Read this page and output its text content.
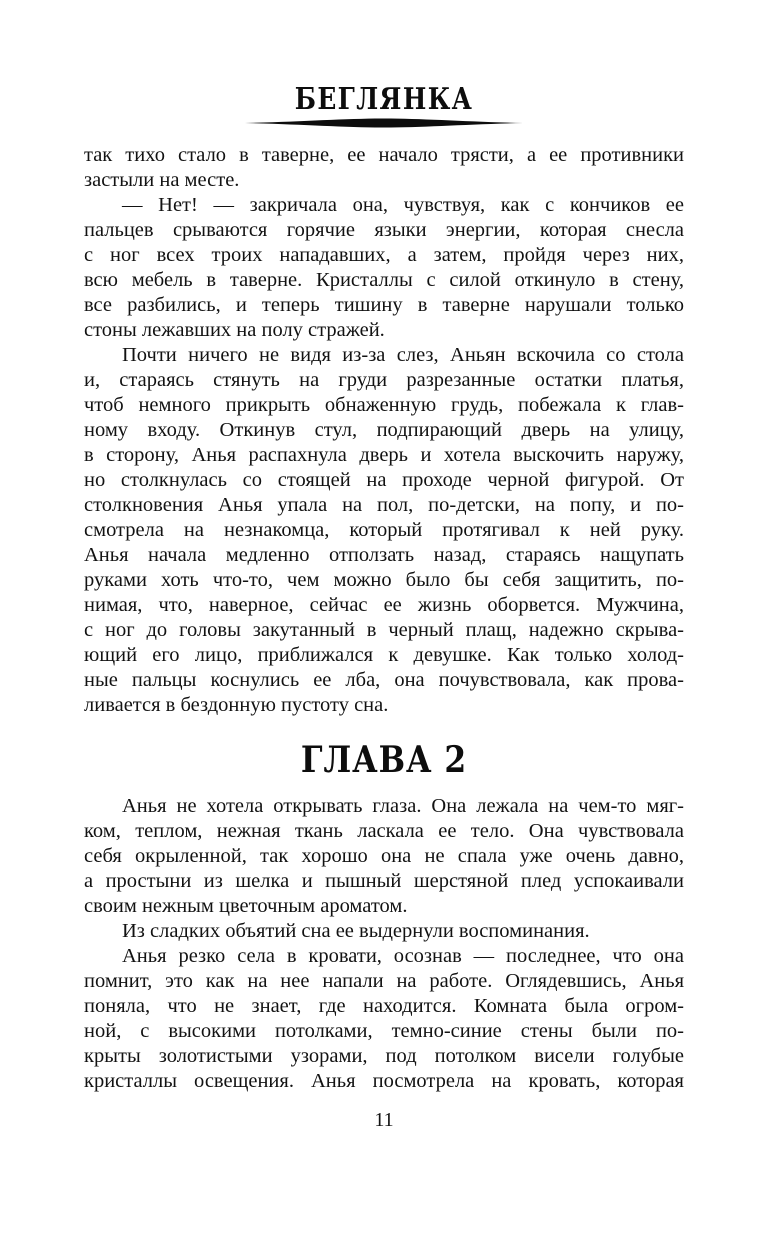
БЕГЛЯНКА
так тихо стало в таверне, ее начало трясти, а ее противники
застыли на месте.
— Нет! — закричала она, чувствуя, как с кончиков ее
пальцев срываются горячие языки энергии, которая снесла
с ног всех троих нападавших, а затем, пройдя через них,
всю мебель в таверне. Кристаллы с силой откинуло в стену,
все разбились, и теперь тишину в таверне нарушали только
стоны лежавших на полу стражей.
Почти ничего не видя из-за слез, Аньян вскочила со стола
и, стараясь стянуть на груди разрезанные остатки платья,
чтоб немного прикрыть обнаженную грудь, побежала к глав-
ному входу. Откинув стул, подпирающий дверь на улицу,
в сторону, Анья распахнула дверь и хотела выскочить наружу,
но столкнулась со стоящей на проходе черной фигурой. От
столкновения Анья упала на пол, по-детски, на попу, и по-
смотрела на незнакомца, который протягивал к ней руку.
Анья начала медленно отползать назад, стараясь нащупать
руками хоть что-то, чем можно было бы себя защитить, по-
нимая, что, наверное, сейчас ее жизнь оборвется. Мужчина,
с ног до головы закутанный в черный плащ, надежно скрыва-
ющий его лицо, приближался к девушке. Как только холод-
ные пальцы коснулись ее лба, она почувствовала, как прова-
ливается в бездонную пустоту сна.
ГЛАВА 2
Анья не хотела открывать глаза. Она лежала на чем-то мяг-
ком, теплом, нежная ткань ласкала ее тело. Она чувствовала
себя окрыленной, так хорошо она не спала уже очень давно,
а простыни из шелка и пышный шерстяной плед успокаивали
своим нежным цветочным ароматом.
Из сладких объятий сна ее выдернули воспоминания.
Анья резко села в кровати, осознав — последнее, что она
помнит, это как на нее напали на работе. Оглядевшись, Анья
поняла, что не знает, где находится. Комната была огром-
ной, с высокими потолками, темно-синие стены были по-
крыты золотистыми узорами, под потолком висели голубые
кристаллы освещения. Анья посмотрела на кровать, которая
11
